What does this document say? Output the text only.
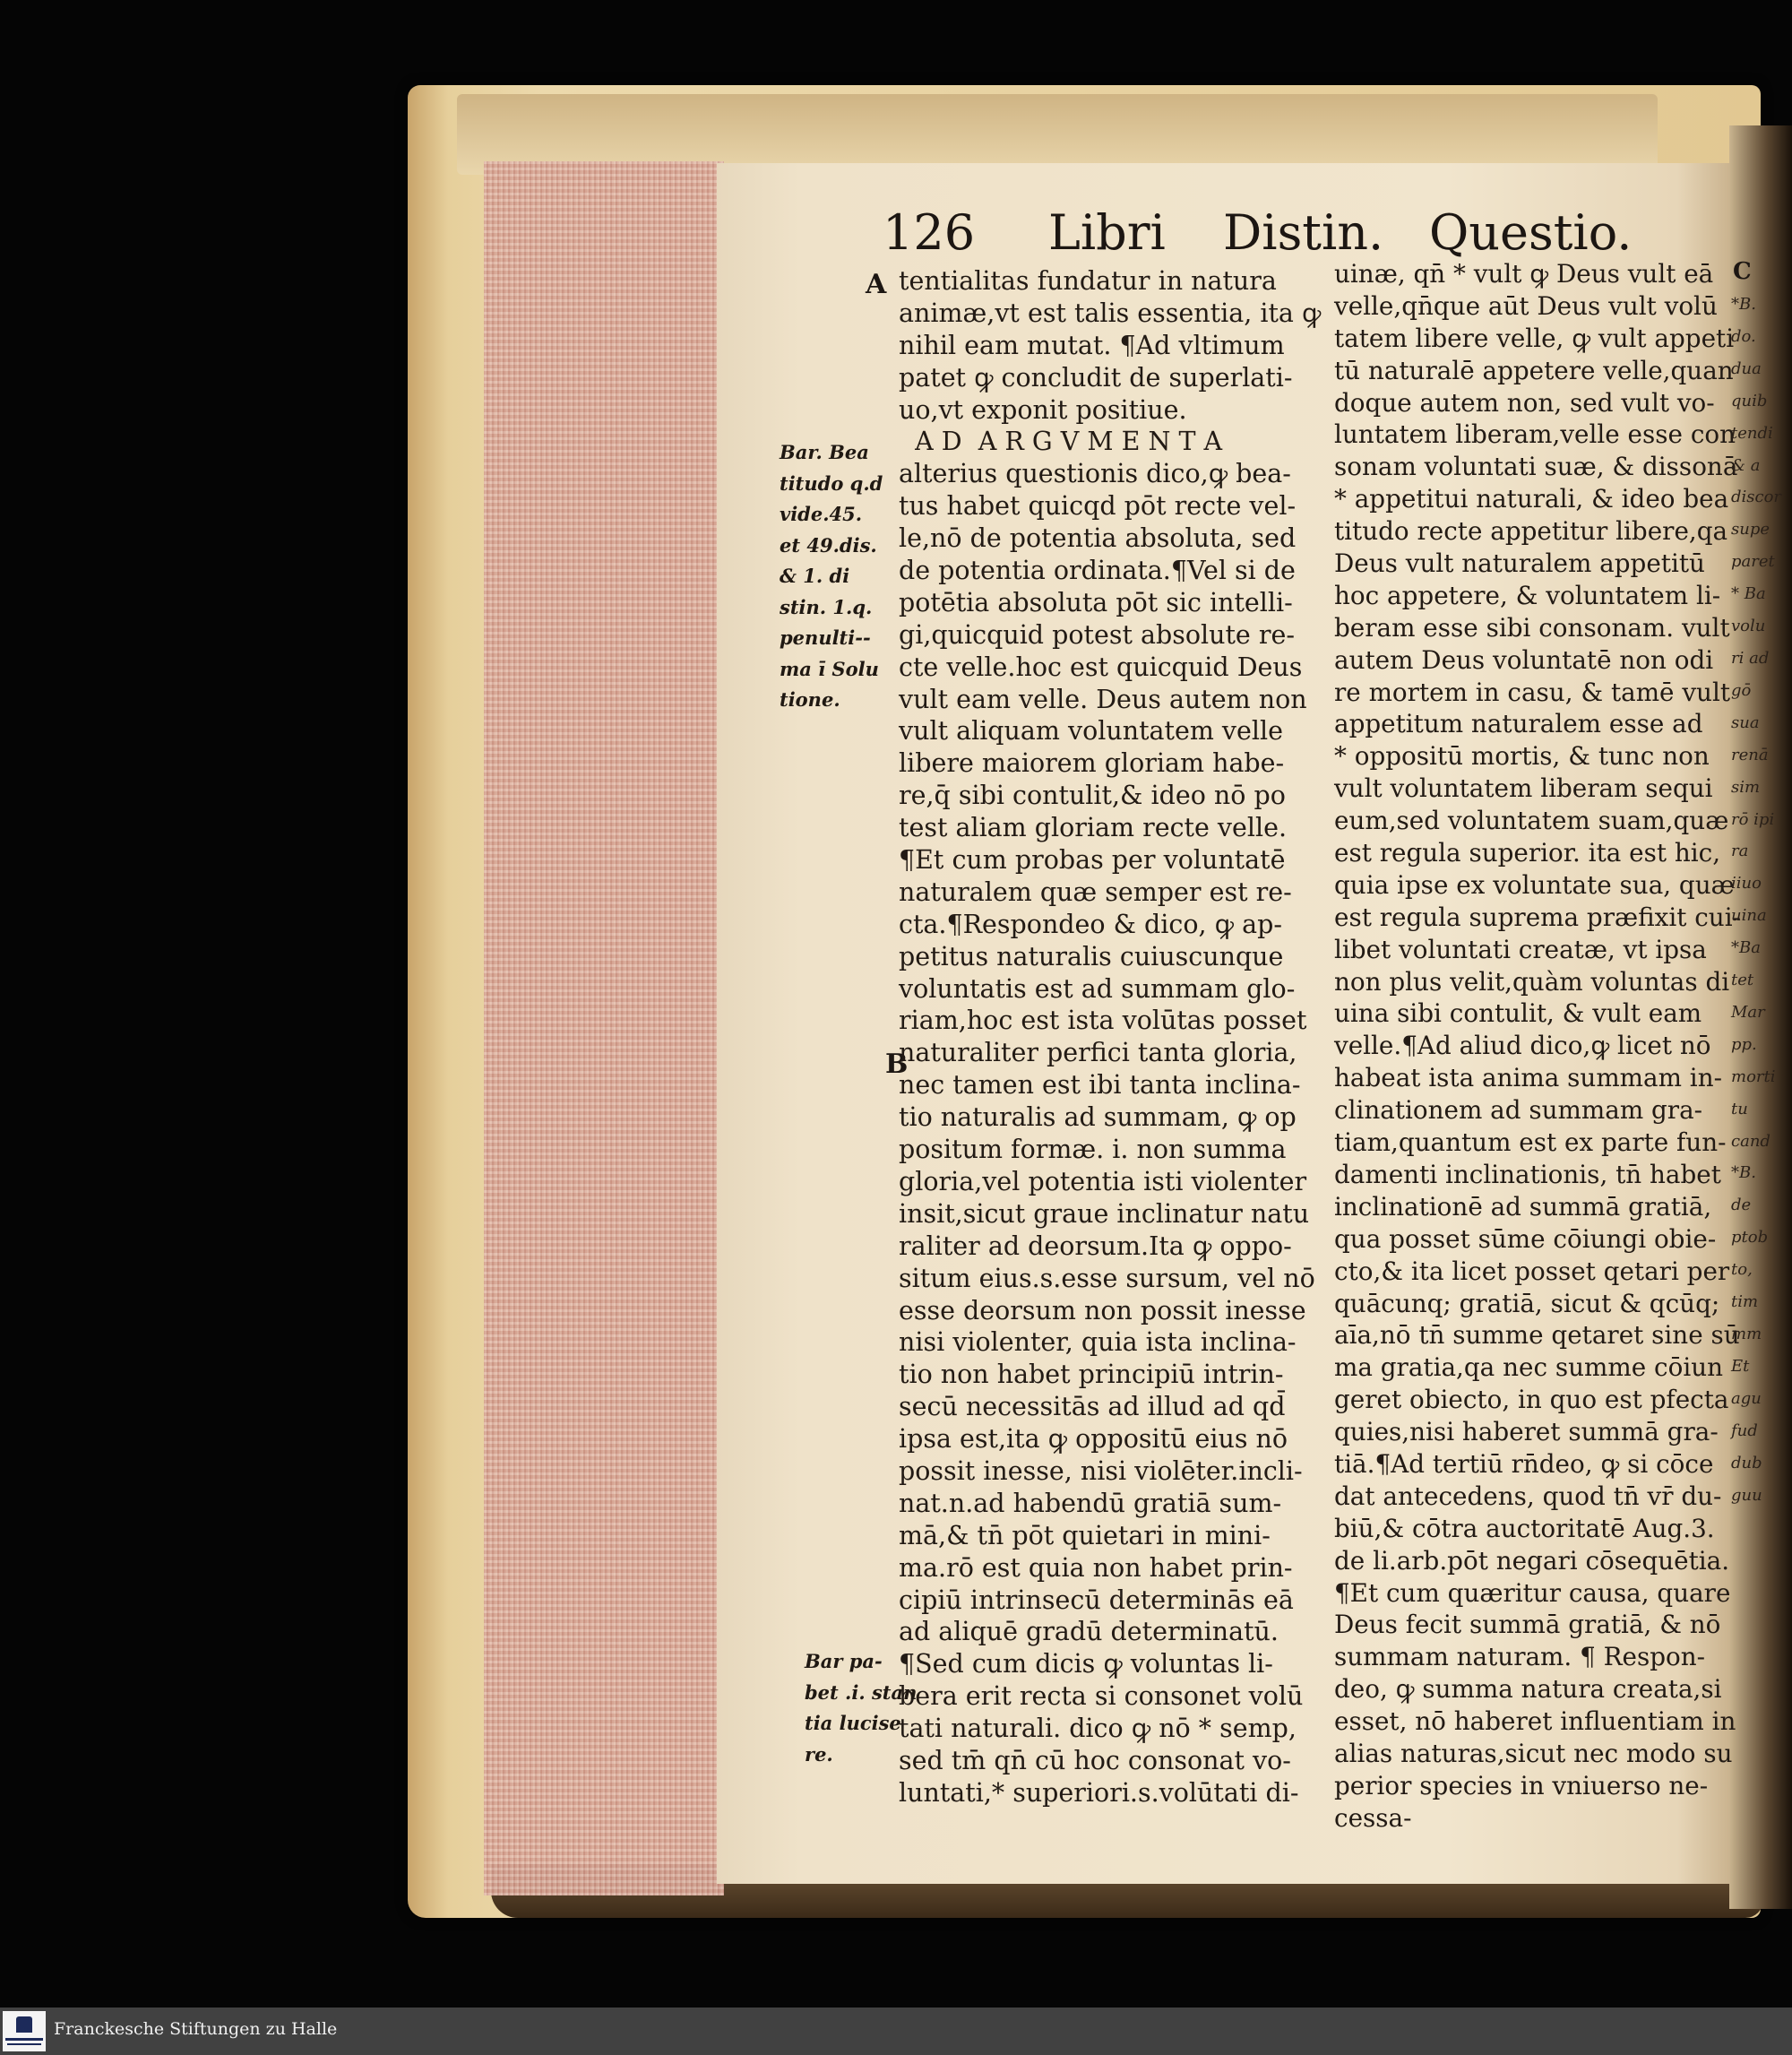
126 Libri Distin. Questio.
A
B
C
tentialitas fundatur in natura
animæ,vt est talis essentia, ita ꝙ
nihil eam mutat. ¶Ad vltimum
patet ꝙ concludit de superlati-
uo,vt exponit positiue.
A D  A R G V M E N T A
alterius questionis dico,ꝙ bea-
tus habet quicqd pōt recte vel-
le,nō de potentia absoluta, sed
de potentia ordinata.¶Vel si de
potētia absoluta pōt sic intelli-
gi,quicquid potest absolute re-
cte velle.hoc est quicquid Deus
vult eam velle. Deus autem non
vult aliquam voluntatem velle
libere maiorem gloriam habe-
re,q̄ sibi contulit,& ideo nō po
test aliam gloriam recte velle.
¶Et cum probas per voluntatē
naturalem quæ semper est re-
cta.¶Respondeo & dico, ꝙ ap-
petitus naturalis cuiuscunque
voluntatis est ad summam glo-
riam,hoc est ista volūtas posset
naturaliter perfici tanta gloria,
nec tamen est ibi tanta inclina-
tio naturalis ad summam, ꝙ op
positum formæ. i. non summa
gloria,vel potentia isti violenter
insit,sicut graue inclinatur natu
raliter ad deorsum.Ita ꝙ oppo-
situm eius.s.esse sursum, vel nō
esse deorsum non possit inesse
nisi violenter, quia ista inclina-
tio non habet principiū intrin-
secū necessitās ad illud ad qd̄
ipsa est,ita ꝙ oppositū eius nō
possit inesse, nisi violēter.incli-
nat.n.ad habendū gratiā sum-
mā,& tn̄ pōt quietari in mini-
ma.rō est quia non habet prin-
cipiū intrinsecū determinās eā
ad aliquē gradū determinatū.
¶Sed cum dicis ꝙ voluntas li-
bera erit recta si consonet volū
tati naturali. dico ꝙ nō * semp,
sed tm̄ qn̄ cū hoc consonat vo-
luntati,* superiori.s.volūtati di-
uinæ, qn̄ * vult ꝙ Deus vult eā
velle,qn̄que aūt Deus vult volū
tatem libere velle, ꝙ vult appeti
tū naturalē appetere velle,quan
doque autem non, sed vult vo-
luntatem liberam,velle esse con
sonam voluntati suæ, & dissonā
* appetitui naturali, & ideo bea
titudo recte appetitur libere,qa
Deus vult naturalem appetitū
hoc appetere, & voluntatem li-
beram esse sibi consonam. vult
autem Deus voluntatē non odi
re mortem in casu, & tamē vult
appetitum naturalem esse ad
* oppositū mortis, & tunc non
vult voluntatem liberam sequi
eum,sed voluntatem suam,quæ
est regula superior. ita est hic,
quia ipse ex voluntate sua, quæ
est regula suprema præfixit cui-
libet voluntati creatæ, vt ipsa
non plus velit,quàm voluntas di
uina sibi contulit, & vult eam
velle.¶Ad aliud dico,ꝙ licet nō
habeat ista anima summam in-
clinationem ad summam gra-
tiam,quantum est ex parte fun-
damenti inclinationis, tn̄ habet
inclinationē ad summā gratiā,
qua posset sūme cōiungi obie-
cto,& ita licet posset qetari per
quācunq; gratiā, sicut & qcūq;
aīa,nō tn̄ summe qetaret sine sū
ma gratia,qa nec summe cōiun
geret obiecto, in quo est pfecta
quies,nisi haberet summā gra-
tiā.¶Ad tertiū rn̄deo, ꝙ si cōce
dat antecedens, quod tn̄ vr̄ du-
biū,& cōtra auctoritatē Aug.3.
de li.arb.pōt negari cōsequētia.
¶Et cum quæritur causa, quare
Deus fecit summā gratiā, & nō
summam naturam. ¶ Respon-
deo, ꝙ summa natura creata,si
esset, nō haberet influentiam in
alias naturas,sicut nec modo su
perior species in vniuerso ne-
cessa-
Bar. Bea
titudo q.d
vide.45.
et 49.dis.
& 1. di
stin. 1.q.
penulti--
ma ī Solu
tione.
Bar pa-
bet .i. stan
tia lucise
re.
*B.
do.
dua
quib
tendi
& a
discor
supe
paret
* Ba
volu
ri ad
gō
sua
renā
sim
rō ipi
ra
iiuo
uina
*Ba
tet
Mar
pp.
morti
tu
cand
*B.
de
ptob
to,
tim
mm
Et
agu
fud
dub
guu
Franckesche Stiftungen zu Halle
